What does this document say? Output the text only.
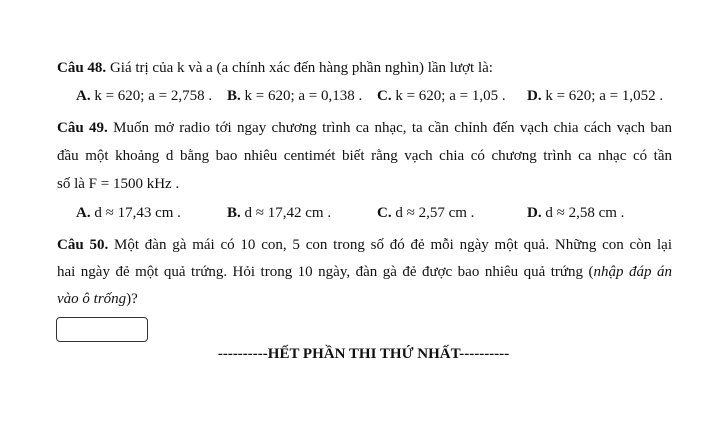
Câu 48. Giá trị của k và a (a chính xác đến hàng phần nghìn) lần lượt là:
A. k = 620; a = 2,758 . B. k = 620; a = 0,138 . C. k = 620; a = 1,05 . D. k = 620; a = 1,052 .
Câu 49. Muốn mở radio tới ngay chương trình ca nhạc, ta cần chỉnh đến vạch chia cách vạch ban
đầu một khoảng d bằng bao nhiêu centimét biết rằng vạch chia có chương trình ca nhạc có tần
số là F = 1500 kHz .
A. d ≈ 17,43 cm .	B. d ≈ 17,42 cm .	C. d ≈ 2,57 cm .	D. d ≈ 2,58 cm .
Câu 50. Một đàn gà mái có 10 con, 5 con trong số đó đẻ mỗi ngày một quả. Những con còn lại
hai ngày đẻ một quả trứng. Hỏi trong 10 ngày, đàn gà đẻ được bao nhiêu quả trứng (nhập đáp án
vào ô trống)?
----------HẾT PHẦN THI THỨ NHẤT----------
